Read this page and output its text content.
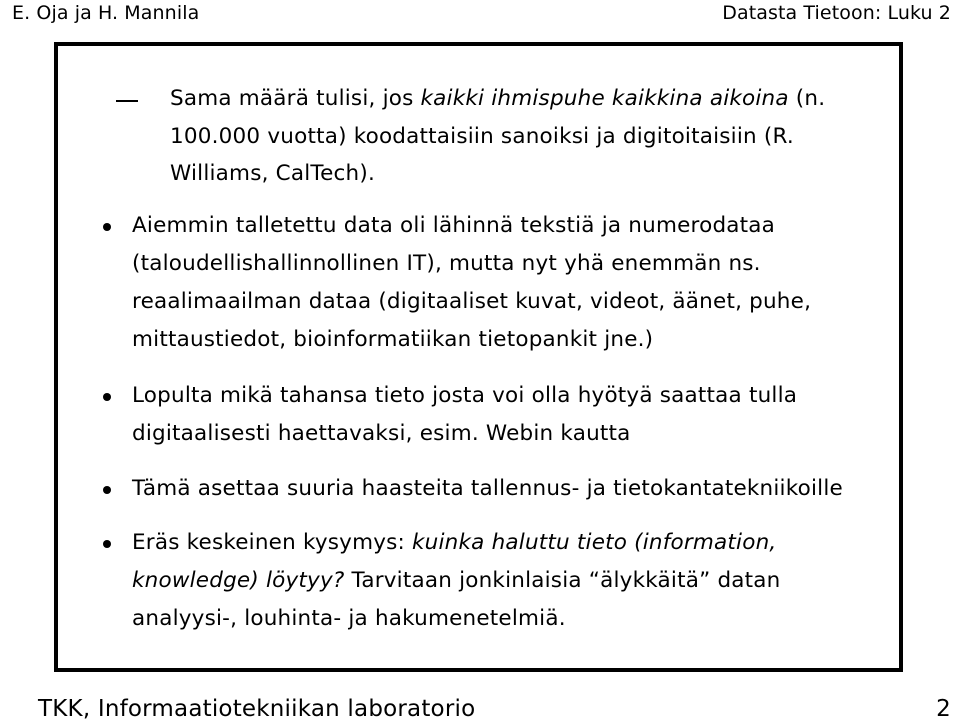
E. Oja ja H. Mannila	Datasta Tietoon: Luku 2
Sama määrä tulisi, jos kaikki ihmispuhe kaikkina aikoina (n.
100.000 vuotta) koodattaisiin sanoiksi ja digitoitaisiin (R.
Williams, CalTech).
Aiemmin talletettu data oli lähinnä tekstiä ja numerodataa
(taloudellishallinnollinen IT), mutta nyt yhä enemmän ns.
reaalimaailman dataa (digitaaliset kuvat, videot, äänet, puhe,
mittaustiedot, bioinformatiikan tietopankit jne.)
Lopulta mikä tahansa tieto josta voi olla hyötyä saattaa tulla
digitaalisesti haettavaksi, esim. Webin kautta
Tämä asettaa suuria haasteita tallennus- ja tietokantatekniikoille
Eräs keskeinen kysymys: kuinka haluttu tieto (information,
knowledge) löytyy? Tarvitaan jonkinlaisia “älykkäitä” datan
analyysi-, louhinta- ja hakumenetelmiä.
TKK, Informaatiotekniikan laboratorio	2
